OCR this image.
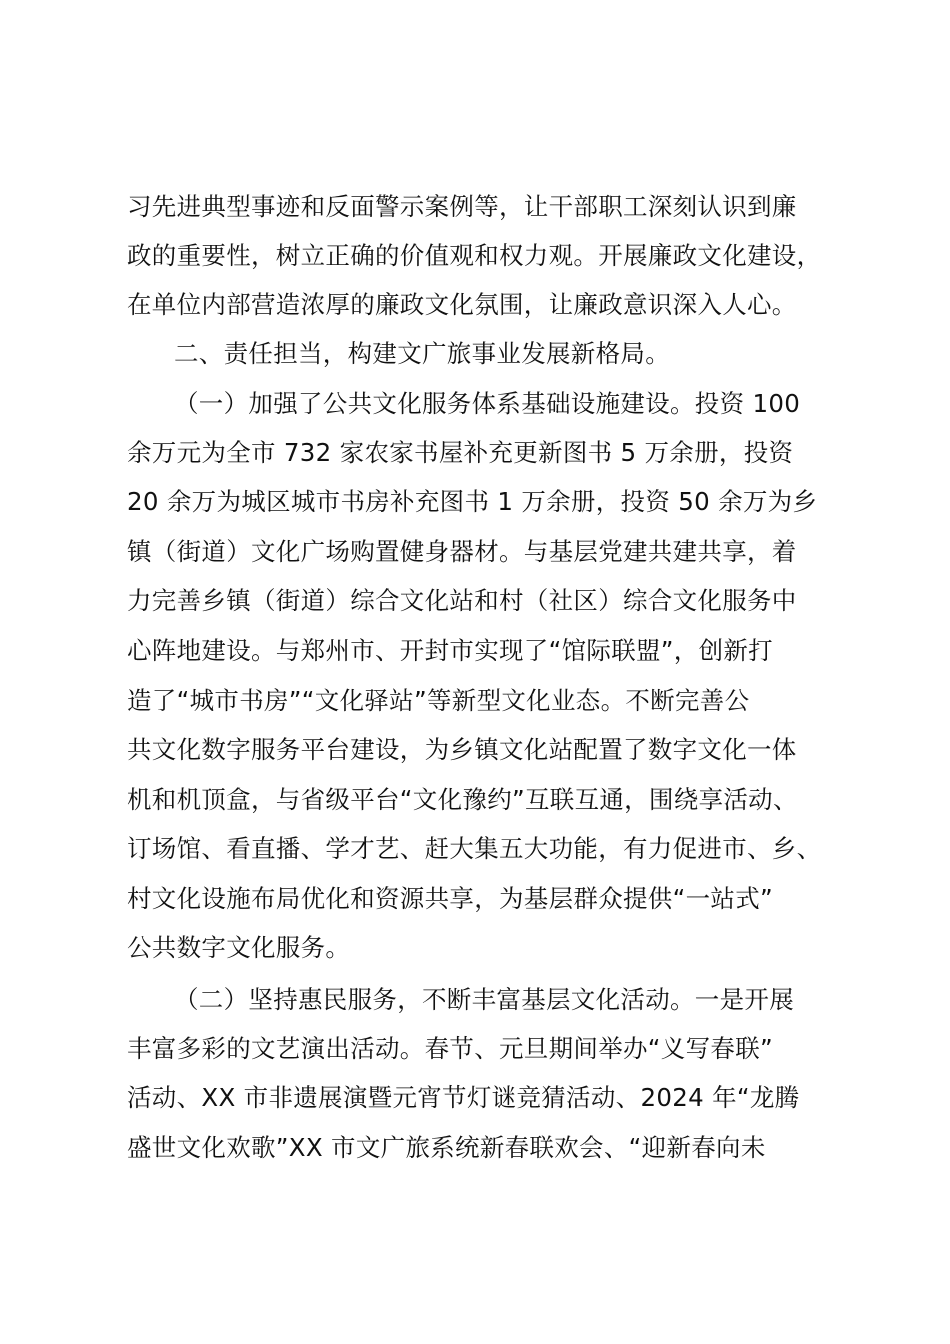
习先进典型事迹和反面警示案例等，让干部职工深刻认识到廉
政的重要性，树立正确的价值观和权力观。开展廉政文化建设，
在单位内部营造浓厚的廉政文化氛围，让廉政意识深入人心。
二、责任担当，构建文广旅事业发展新格局。
（一）加强了公共文化服务体系基础设施建设。投资 100
余万元为全市 732 家农家书屋补充更新图书 5 万余册，投资
20 余万为城区城市书房补充图书 1 万余册，投资 50 余万为乡
镇（街道）文化广场购置健身器材。与基层党建共建共享，着
力完善乡镇（街道）综合文化站和村（社区）综合文化服务中
心阵地建设。与郑州市、开封市实现了“馆际联盟”，创新打
造了“城市书房”“文化驿站”等新型文化业态。不断完善公
共文化数字服务平台建设，为乡镇文化站配置了数字文化一体
机和机顶盒，与省级平台“文化豫约”互联互通，围绕享活动、
订场馆、看直播、学才艺、赶大集五大功能，有力促进市、乡、
村文化设施布局优化和资源共享，为基层群众提供“一站式”
公共数字文化服务。
（二）坚持惠民服务，不断丰富基层文化活动。一是开展
丰富多彩的文艺演出活动。春节、元旦期间举办“义写春联”
活动、XX 市非遗展演暨元宵节灯谜竞猜活动、2024 年“龙腾
盛世文化欢歌”XX 市文广旅系统新春联欢会、“迎新春向未
